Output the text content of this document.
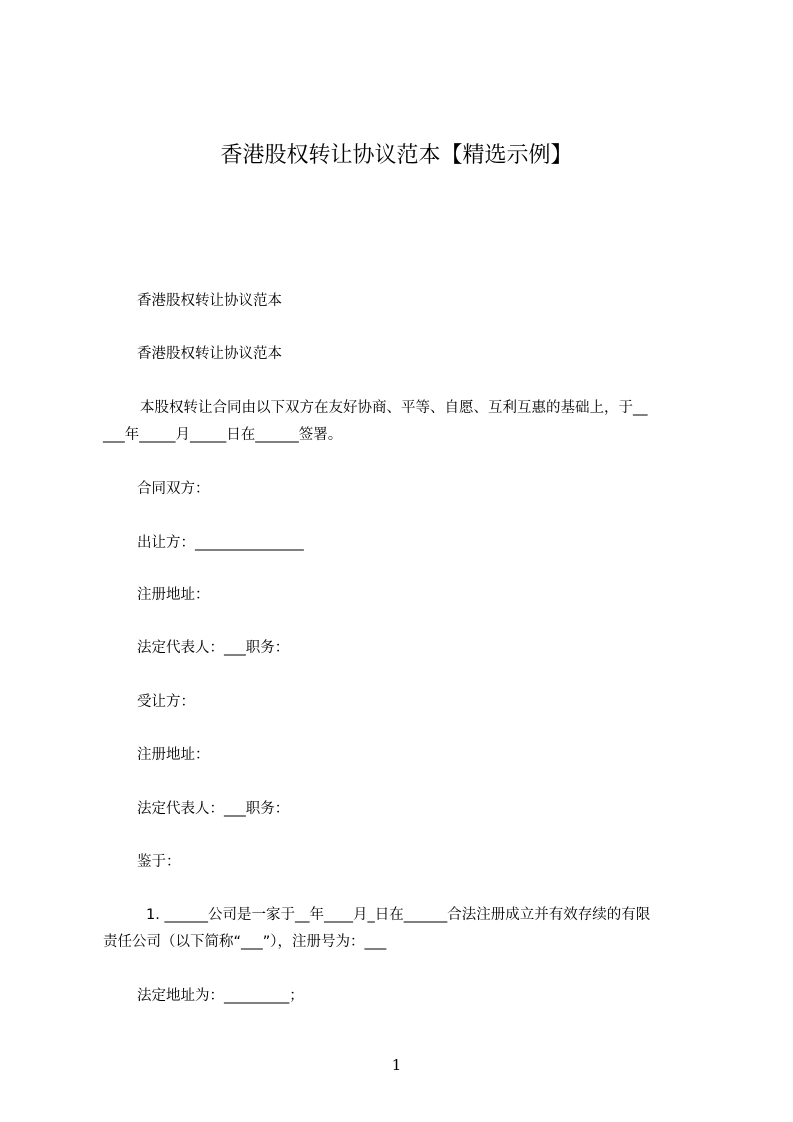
香港股权转让协议范本【精选示例】
香港股权转让协议范本
香港股权转让协议范本
本股权转让合同由以下双方在友好协商、平等、自愿、互利互惠的基础上，于__
___年_____月_____日在______签署。
合同双方：
出让方：_______________
注册地址：
法定代表人：___职务：
受让方：
注册地址：
法定代表人：___职务：
鉴于：
1. ______公司是一家于__年____月_日在______合法注册成立并有效存续的有限
责任公司（以下简称“___”），注册号为：___
法定地址为：_________；
1
